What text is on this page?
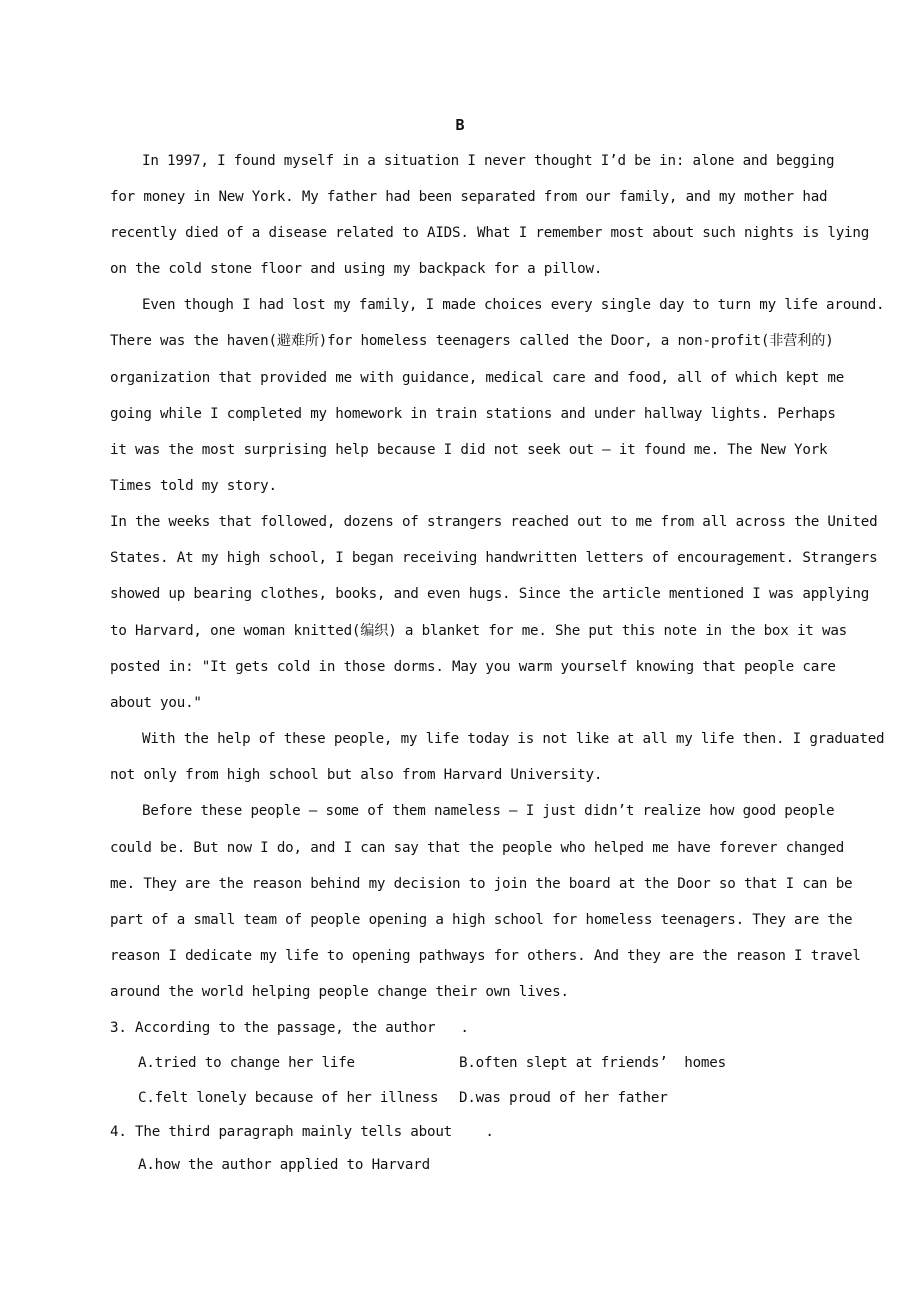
B
In 1997, I found myself in a situation I never thought I’d be in: alone and begging
for money in New York. My father had been separated from our family, and my mother had
recently died of a disease related to AIDS. What I remember most about such nights is lying
on the cold stone floor and using my backpack for a pillow.
Even though I had lost my family, I made choices every single day to turn my life around.
There was the haven(避难所)for homeless teenagers called the Door, a non-profit(非营利的)
organization that provided me with guidance, medical care and food, all of which kept me
going while I completed my homework in train stations and under hallway lights. Perhaps
it was the most surprising help because I did not seek out — it found me. The New York
Times told my story.
In the weeks that followed, dozens of strangers reached out to me from all across the United
States. At my high school, I began receiving handwritten letters of encouragement. Strangers
showed up bearing clothes, books, and even hugs. Since the article mentioned I was applying
to Harvard, one woman knitted(编织) a blanket for me. She put this note in the box it was
posted in: "It gets cold in those dorms. May you warm yourself knowing that people care
about you."
With the help of these people, my life today is not like at all my life then. I graduated
not only from high school but also from Harvard University.
Before these people — some of them nameless — I just didn’t realize how good people
could be. But now I do, and I can say that the people who helped me have forever changed
me. They are the reason behind my decision to join the board at the Door so that I can be
part of a small team of people opening a high school for homeless teenagers. They are the
reason I dedicate my life to opening pathways for others. And they are the reason I travel
around the world helping people change their own lives.
3. According to the passage, the author   .
A.tried to change her life	B.often slept at friends’  homes
C.felt lonely because of her illness D.was proud of her father
4. The third paragraph mainly tells about    .
A.how the author applied to Harvard
